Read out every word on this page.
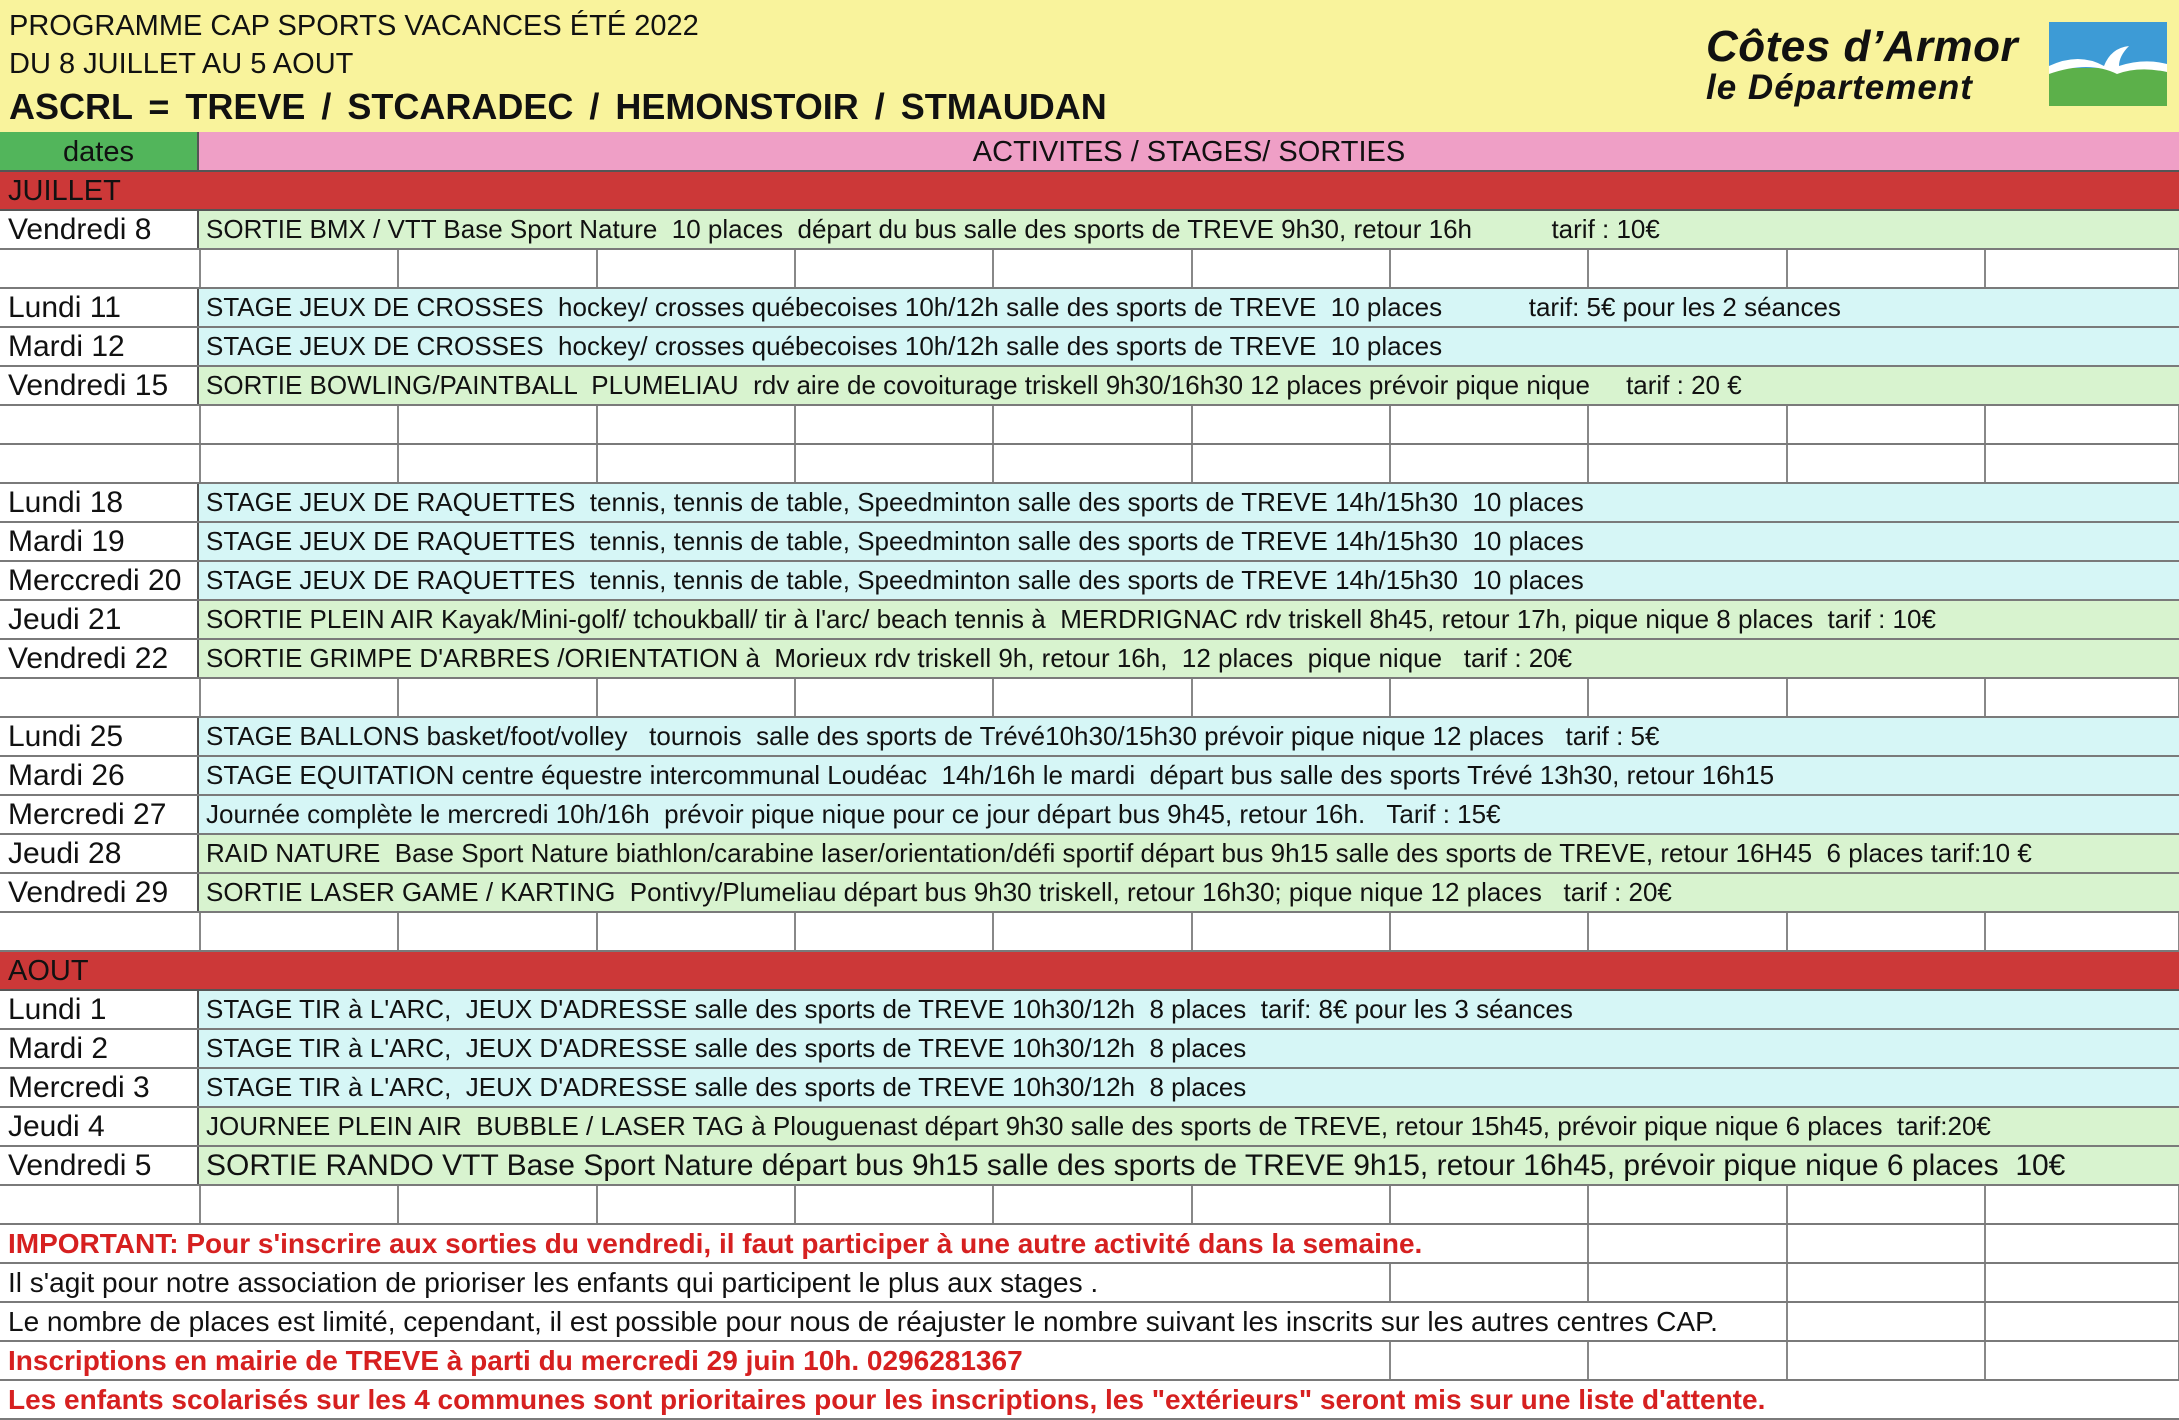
PROGRAMME CAP SPORTS VACANCES ÉTÉ 2022
DU 8 JUILLET AU 5 AOUT
ASCRL = TREVE / STCARADEC / HEMONSTOIR / STMAUDAN
Côtes d’Armor
le Département
dates	ACTIVITES / STAGES/ SORTIES
JUILLET
Vendredi 8	SORTIE BMX / VTT Base Sport Nature  10 places  départ du bus salle des sports de TREVE 9h30, retour 16h           tarif : 10€
Lundi 11	STAGE JEUX DE CROSSES  hockey/ crosses québecoises 10h/12h salle des sports de TREVE  10 places            tarif: 5€ pour les 2 séances
Mardi 12	STAGE JEUX DE CROSSES  hockey/ crosses québecoises 10h/12h salle des sports de TREVE  10 places
Vendredi 15	SORTIE BOWLING/PAINTBALL  PLUMELIAU  rdv aire de covoiturage triskell 9h30/16h30 12 places prévoir pique nique     tarif : 20 €
Lundi 18	STAGE JEUX DE RAQUETTES  tennis, tennis de table, Speedminton salle des sports de TREVE 14h/15h30  10 places
Mardi 19	STAGE JEUX DE RAQUETTES  tennis, tennis de table, Speedminton salle des sports de TREVE 14h/15h30  10 places
Merccredi 20 STAGE JEUX DE RAQUETTES  tennis, tennis de table, Speedminton salle des sports de TREVE 14h/15h30  10 places
Jeudi 21	SORTIE PLEIN AIR Kayak/Mini-golf/ tchoukball/ tir à l'arc/ beach tennis à  MERDRIGNAC rdv triskell 8h45, retour 17h, pique nique 8 places  tarif : 10€
Vendredi 22	SORTIE GRIMPE D'ARBRES /ORIENTATION à  Morieux rdv triskell 9h, retour 16h,  12 places  pique nique   tarif : 20€
Lundi 25	STAGE BALLONS basket/foot/volley   tournois  salle des sports de Trévé10h30/15h30 prévoir pique nique 12 places   tarif : 5€
Mardi 26	STAGE EQUITATION centre équestre intercommunal Loudéac  14h/16h le mardi  départ bus salle des sports Trévé 13h30, retour 16h15
Mercredi 27	Journée complète le mercredi 10h/16h  prévoir pique nique pour ce jour départ bus 9h45, retour 16h.   Tarif : 15€
Jeudi 28	RAID NATURE  Base Sport Nature biathlon/carabine laser/orientation/défi sportif départ bus 9h15 salle des sports de TREVE, retour 16H45  6 places tarif:10 €
Vendredi 29	SORTIE LASER GAME / KARTING  Pontivy/Plumeliau départ bus 9h30 triskell, retour 16h30; pique nique 12 places   tarif : 20€
AOUT
Lundi 1	STAGE TIR à L'ARC,  JEUX D'ADRESSE salle des sports de TREVE 10h30/12h  8 places  tarif: 8€ pour les 3 séances
Mardi 2	STAGE TIR à L'ARC,  JEUX D'ADRESSE salle des sports de TREVE 10h30/12h  8 places
Mercredi 3	STAGE TIR à L'ARC,  JEUX D'ADRESSE salle des sports de TREVE 10h30/12h  8 places
Jeudi 4	JOURNEE PLEIN AIR  BUBBLE / LASER TAG à Plouguenast départ 9h30 salle des sports de TREVE, retour 15h45, prévoir pique nique 6 places  tarif:20€
Vendredi 5	SORTIE RANDO VTT Base Sport Nature départ bus 9h15 salle des sports de TREVE 9h15, retour 16h45, prévoir pique nique 6 places  10€
IMPORTANT: Pour s'inscrire aux sorties du vendredi, il faut participer à une autre activité dans la semaine.
Il s'agit pour notre association de prioriser les enfants qui participent le plus aux stages .
Le nombre de places est limité, cependant, il est possible pour nous de réajuster le nombre suivant les inscrits sur les autres centres CAP.
Inscriptions en mairie de TREVE à parti du mercredi 29 juin 10h. 0296281367
Les enfants scolarisés sur les 4 communes sont prioritaires pour les inscriptions, les "extérieurs" seront mis sur une liste d'attente.
